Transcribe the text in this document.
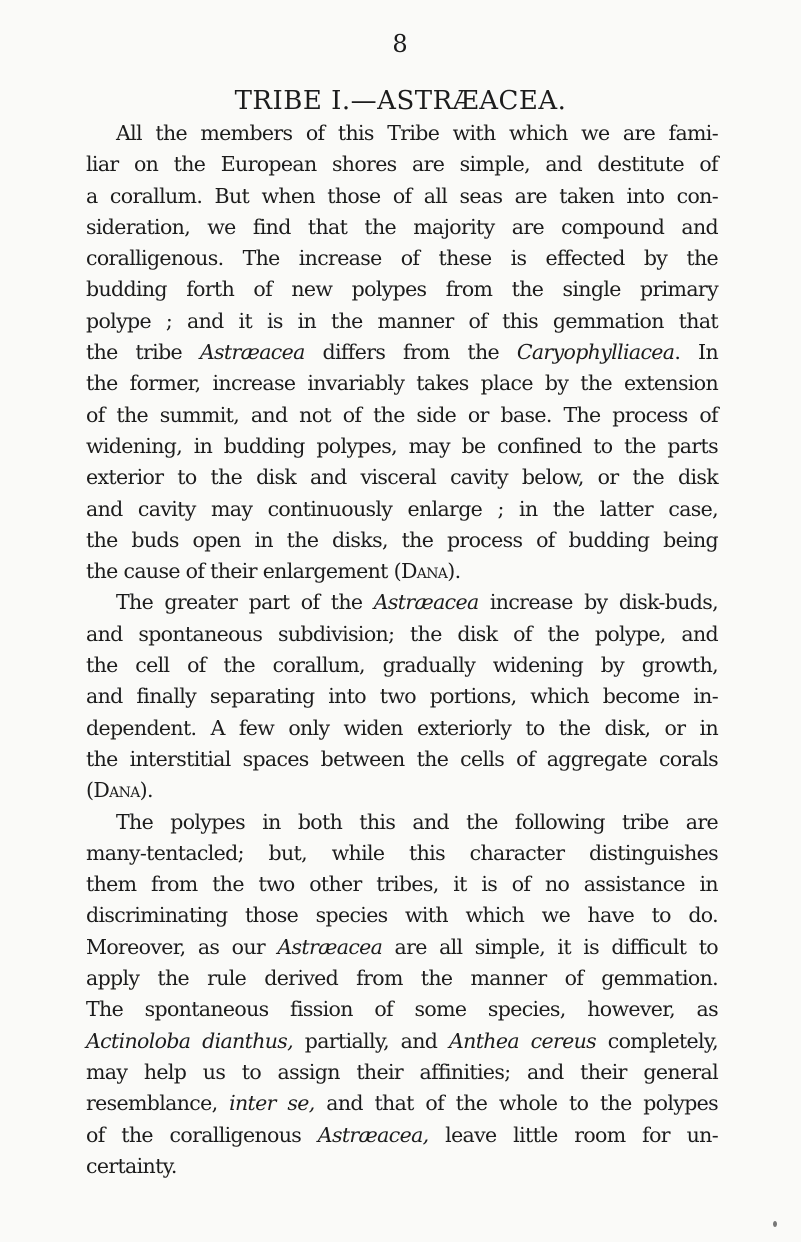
8
TRIBE I.—ASTRÆACEA.
All the members of this Tribe with which we are fami-
liar on the European shores are simple, and destitute of
a corallum. But when those of all seas are taken into con-
sideration, we find that the majority are compound and
coralligenous. The increase of these is effected by the
budding forth of new polypes from the single primary
polype ; and it is in the manner of this gemmation that
the tribe Astræacea differs from the Caryophylliacea. In
the former, increase invariably takes place by the extension
of the summit, and not of the side or base. The process of
widening, in budding polypes, may be confined to the parts
exterior to the disk and visceral cavity below, or the disk
and cavity may continuously enlarge ; in the latter case,
the buds open in the disks, the process of budding being
the cause of their enlargement (Dana).
The greater part of the Astræacea increase by disk-buds,
and spontaneous subdivision; the disk of the polype, and
the cell of the corallum, gradually widening by growth,
and finally separating into two portions, which become in-
dependent. A few only widen exteriorly to the disk, or in
the interstitial spaces between the cells of aggregate corals
(Dana).
The polypes in both this and the following tribe are
many-tentacled; but, while this character distinguishes
them from the two other tribes, it is of no assistance in
discriminating those species with which we have to do.
Moreover, as our Astræacea are all simple, it is difficult to
apply the rule derived from the manner of gemmation.
The spontaneous fission of some species, however, as
Actinoloba dianthus, partially, and Anthea cereus completely,
may help us to assign their affinities; and their general
resemblance, inter se, and that of the whole to the polypes
of the coralligenous Astræacea, leave little room for un-
certainty.
